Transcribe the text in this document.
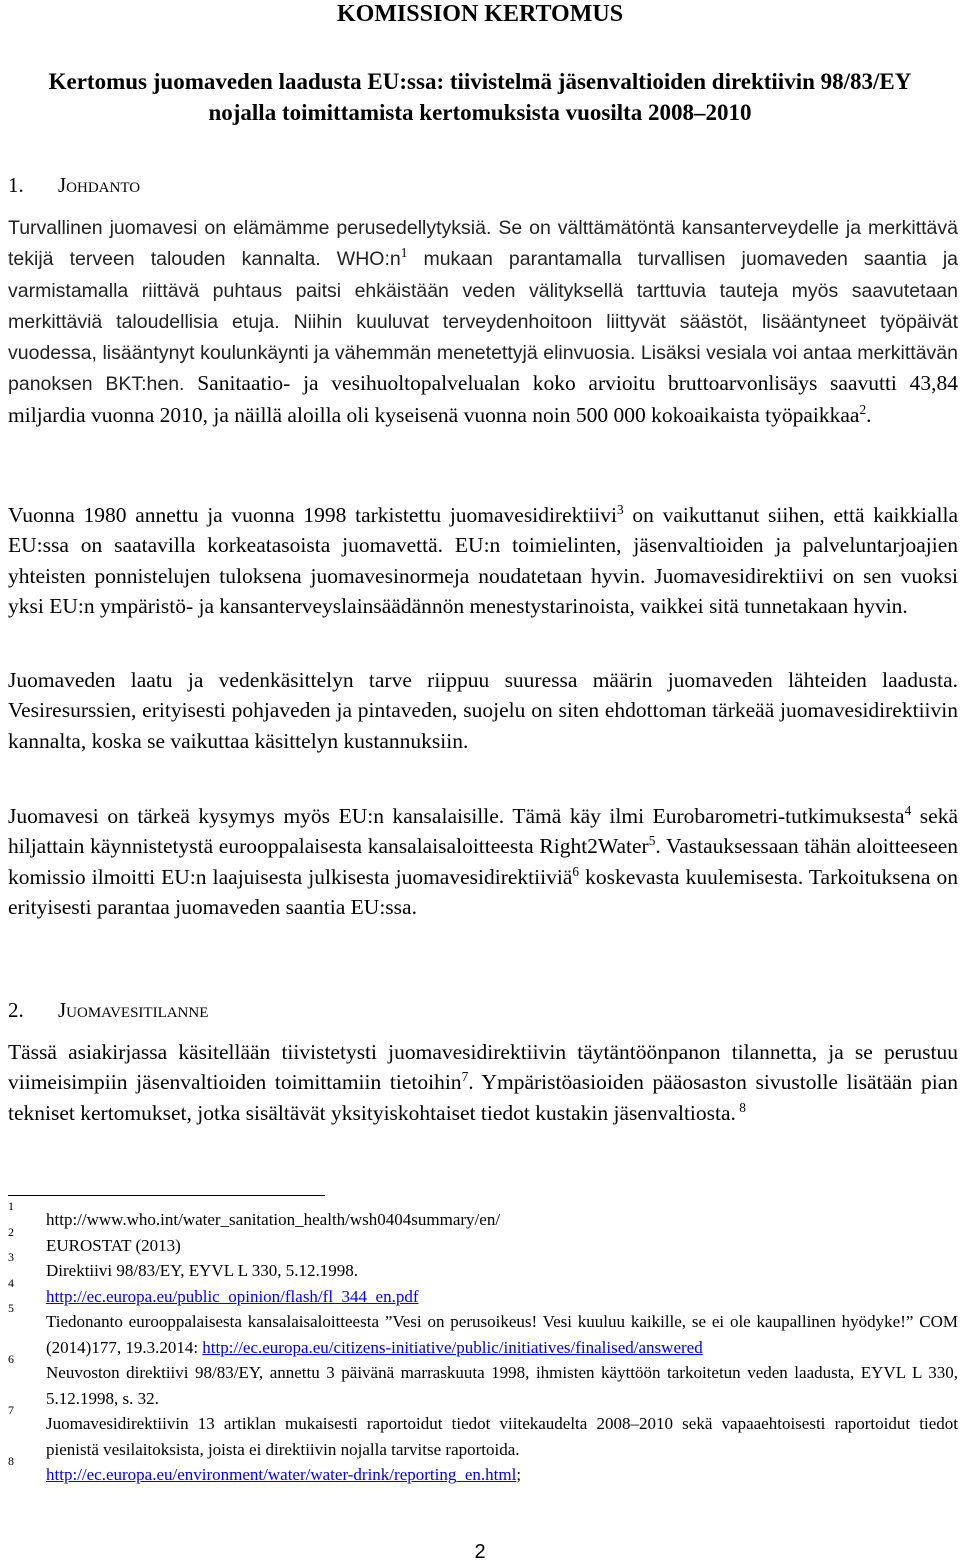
KOMISSION KERTOMUS
Kertomus juomaveden laadusta EU:ssa: tiivistelmä jäsenvaltioiden direktiivin 98/83/EY nojalla toimittamista kertomuksista vuosilta 2008–2010
1. Johdanto

Turvallinen juomavesi on elämämme perusedellytyksiä. Se on välttämätöntä kansanterveydelle ja merkittävä tekijä terveen talouden kannalta. $WHO:n^1$ mukaan parantamalla turvallisen juomaveden saantia ja varmistamalla riittävä puhtaus paitsi ehkäistään veden välityksellä tarttuvia tauteja myös saavutetaan merkittäviä taloudellisia etuja. Niihin kuuluvat terveydenhoitoon liittyvät säästöt, lisääntyneet työpäivät vuodessa, lisääntynyt koulunkäynti ja vähemmän menetettyjä elinvuosia. Lisäksi vesiala voi antaa merkittävän panoksen BKT:hen. Sanitaatio- ja vesihuoltopalvelualan koko arvioitu bruttoarvonlisäys saavutti 43,84 miljardia vuonna 2010, ja näillä aloilla oli kyseisenä vuonna noin 500 000 kokoaikaista työpaikkaa$^2$.

Vuonna 1980 annettu ja vuonna 1998 tarkistettu juomavesidirektiivi$^3$ on vaikuttanut siihen, että kaikkialla EU:ssa on saatavilla korkeatasoista juomavettä. EU:n toimielinten, jäsenvaltioiden ja palveluntarjoajien yhteisten ponnistelujen tuloksena juomavesinormeja noudatetaan hyvin. Juomavesidirektiivi on sen vuoksi yksi EU:n ympäristö- ja kansanterveyslainsäädännön menestystarinoista, vaikkei sitä tunnetakaan hyvin.

Juomaveden laatu ja vedenkäsittelyn tarve riippuu suuressa määrin juomaveden lähteiden laadusta. Vesiresurssien, erityisesti pohjaveden ja pintaveden, suojelu on siten ehdottoman tärkeää juomavesidirektiivin kannalta, koska se vaikuttaa käsittelyn kustannuksiin.

Juomavesi on tärkeä kysymys myös EU:n kansalaisille. Tämä käy ilmi Eurobarometri-tutkimuksesta$^4$ sekä hiljattain käynnistetystä eurooppalaisesta kansalaisaloitteesta Right2Water$^5$. Vastauksessaan tähän aloitteeseen komissio ilmoitti EU:n laajuisesta julkisesta juomavesidirektiiviä$^6$ koskevasta kuulemisesta. Tarkoituksena on erityisesti parantaa juomaveden saantia EU:ssa.

2. Juomavesitilanne

Tässä asiakirjassa käsitellään tiivistetysti juomavesidirektiivin täytäntöönpanon tilannetta, ja se perustuu viimeisimpiin jäsenvaltioiden toimittamiin tietoihin$^7$. Ympäristöasioiden pääosaston sivustolle lisätään pian tekniset kertomukset, jotka sisältävät yksityiskohtaiset tiedot kustakin jäsenvaltiosta. $^8$

1
http://www.who.int/water_sanitation_health/wsh0404summary/en/
2
EUROSTAT (2013)
3
Direktiivi 98/83/EY, EYVL L 330, 5.12.1998.
4
http://ec.europa.eu/public_opinion/flash/fl_344_en.pdf
5
Tiedonanto eurooppalaisesta kansalaisaloitteesta ”Vesi on perusoikeus! Vesi kuuluu kaikille, se ei ole kaupallinen hyödyke!” COM (2014)177, 19.3.2014: http://ec.europa.eu/citizens-initiative/public/initiatives/finalised/answered
6
Neuvoston direktiivi 98/83/EY, annettu 3 päivänä marraskuuta 1998, ihmisten käyttöön tarkoitetun veden laadusta, EYVL L 330, 5.12.1998, s. 32.
7
Juomavesidirektiivin 13 artiklan mukaisesti raportoidut tiedot viitekaudelta 2008–2010 sekä vapaaehtoisesti raportoidut tiedot pienistä vesilaitoksista, joista ei direktiivin nojalla tarvitse raportoida.
8
http://ec.europa.eu/environment/water/water-drink/reporting_en.html;
2
